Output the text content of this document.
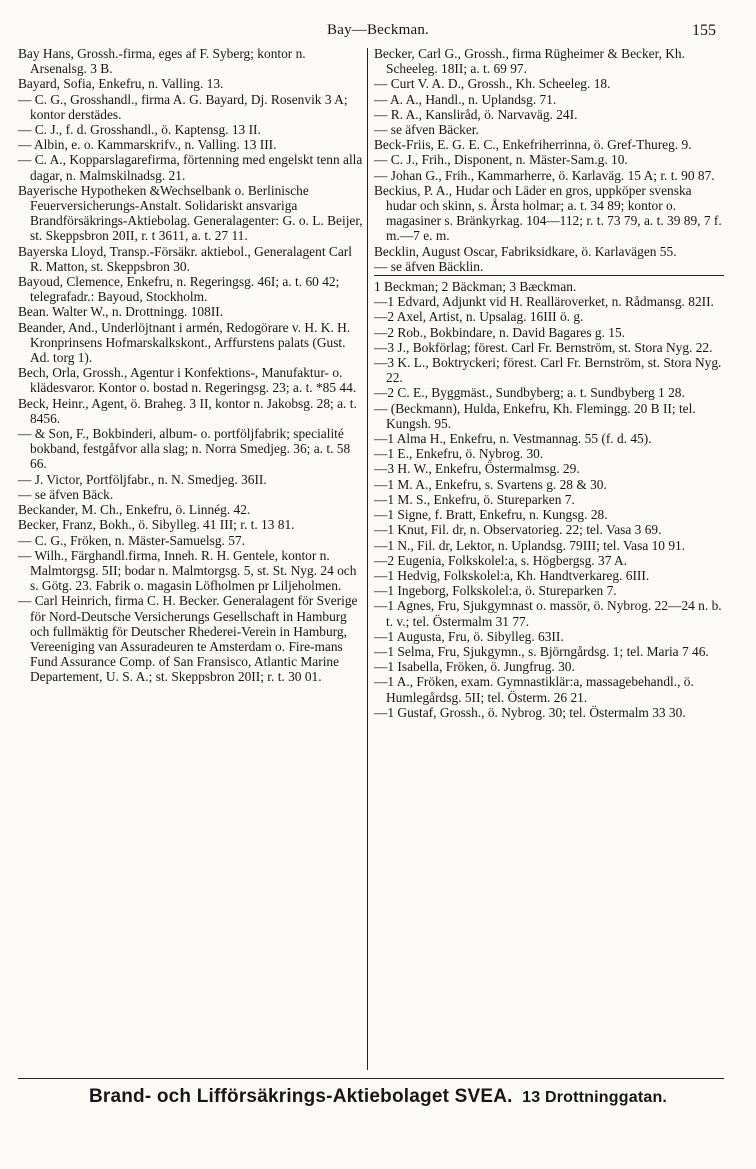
Bay—Beckman.	155
Bay Hans, Grossh.-firma, eges af F. Syberg; kontor n. Arsenalsg. 3 B.
Bayard, Sofia, Enkefru, n. Valling. 13.
— C. G., Grosshandl., firma A. G. Bayard, Dj. Rosenvik 3 A; kontor derstädes.
— C. J., f. d. Grosshandl., ö. Kaptensg. 13 II.
— Albin, e. o. Kammarskrifv., n. Valling. 13 III.
— C. A., Kopparslagarefirma, förtenning med engelskt tenn alla dagar, n. Malmskilnadsg. 21.
Bayerische Hypotheken &Wechselbank o. Berlinische Feuerversicherungs-Anstalt. Solidariskt ansvariga Brandförsäkrings-Aktiebolag. Generalagenter: G. o. L. Beijer, st. Skeppsbron 20II, r. t 3611, a. t. 27 11.
Bayerska Lloyd, Transp.-Försäkr. aktiebol., Generalagent Carl R. Matton, st. Skeppsbron 30.
Bayoud, Clemence, Enkefru, n. Regeringsg. 46I; a. t. 60 42; telegrafadr.: Bayoud, Stockholm.
Bean. Walter W., n. Drottningg. 108II.
Beander, And., Underlöjtnant i armén, Redogörare v. H. K. H. Kronprinsens Hofmarskalkskont., Arffurstens palats (Gust. Ad. torg 1).
Bech, Orla, Grossh., Agentur i Konfektions-, Manufaktur- o. klädesvaror. Kontor o. bostad n. Regeringsg. 23; a. t. *85 44.
Beck, Heinr., Agent, ö. Braheg. 3 II, kontor n. Jakobsg. 28; a. t. 8456.
— & Son, F., Bokbinderi, album- o. portföljfabrik; specialité bokband, festgåfvor alla slag; n. Norra Smedjeg. 36; a. t. 58 66.
— J. Victor, Portföljfabr., n. N. Smedjeg. 36II.
— se äfven Bäck.
Beckander, M. Ch., Enkefru, ö. Linnég. 42.
Becker, Franz, Bokh., ö. Sibylleg. 41 III; r. t. 13 81.
— C. G., Fröken, n. Mäster-Samuelsg. 57.
— Wilh., Färghandl.firma, Inneh. R. H. Gentele, kontor n. Malmtorgsg. 5II; bodar n. Malmtorgsg. 5, st. St. Nyg. 24 och s. Götg. 23. Fabrik o. magasin Löfholmen pr Liljeholmen.
— Carl Heinrich, firma C. H. Becker. Generalagent för Sverige för Nord-Deutsche Versicherungs Gesellschaft in Hamburg och fullmäktig för Deutscher Rhederei-Verein in Hamburg, Vereeniging van Assuradeuren te Amsterdam o. Fire-mans Fund Assurance Comp. of San Fransisco, Atlantic Marine Departement, U. S. A.; st. Skeppsbron 20II; r. t. 30 01.
Becker, Carl G., Grossh., firma Rügheimer & Becker, Kh. Scheeleg. 18II; a. t. 69 97.
— Curt V. A. D., Grossh., Kh. Scheeleg. 18.
— A. A., Handl., n. Uplandsg. 71.
— R. A., Kansliråd, ö. Narvaväg. 24I.
— se äfven Bäcker.
Beck-Friis, E. G. E. C., Enkefriherrinna, ö. Gref-Thureg. 9.
— C. J., Frih., Disponent, n. Mäster-Sam.g. 10.
— Johan G., Frih., Kammarherre, ö. Karlaväg. 15 A; r. t. 90 87.
Beckius, P. A., Hudar och Läder en gros, uppköper svenska hudar och skinn, s. Årsta holmar; a. t. 34 89; kontor o. magasiner s. Bränkyrkag. 104—112; r. t. 73 79, a. t. 39 89, 7 f. m.—7 e. m.
Becklin, August Oscar, Fabriksidkare, ö. Karlavägen 55.
— se äfven Bäcklin.
1 Beckman; 2 Bäckman; 3 Bæckman.
—1 Edvard, Adjunkt vid H. Realläroverket, n. Rådmansg. 82II.
—2 Axel, Artist, n. Upsalag. 16III ö. g.
—2 Rob., Bokbindare, n. David Bagares g. 15.
—3 J., Bokförlag; förest. Carl Fr. Bernström, st. Stora Nyg. 22.
—3 K. L., Boktryckeri; förest. Carl Fr. Bernström, st. Stora Nyg. 22.
—2 C. E., Byggmäst., Sundbyberg; a. t. Sundbyberg 1 28.
— (Beckmann), Hulda, Enkefru, Kh. Flemingg. 20 B II; tel. Kungsh. 95.
—1 Alma H., Enkefru, n. Vestmannag. 55 (f. d. 45).
—1 E., Enkefru, ö. Nybrog. 30.
—3 H. W., Enkefru, Östermalmsg. 29.
—1 M. A., Enkefru, s. Svartens g. 28 & 30.
—1 M. S., Enkefru, ö. Stureparken 7.
—1 Signe, f. Bratt, Enkefru, n. Kungsg. 28.
—1 Knut, Fil. dr, n. Observatorieg. 22; tel. Vasa 3 69.
—1 N., Fil. dr, Lektor, n. Uplandsg. 79III; tel. Vasa 10 91.
—2 Eugenia, Folkskolel:a, s. Högbergsg. 37 A.
—1 Hedvig, Folkskolel:a, Kh. Handtverkareg. 6III.
—1 Ingeborg, Folkskolel:a, ö. Stureparken 7.
—1 Agnes, Fru, Sjukgymnast o. massör, ö. Nybrog. 22—24 n. b. t. v.; tel. Östermalm 31 77.
—1 Augusta, Fru, ö. Sibylleg. 63II.
—1 Selma, Fru, Sjukgymn., s. Björngårdsg. 1; tel. Maria 7 46.
—1 Isabella, Fröken, ö. Jungfrug. 30.
—1 A., Fröken, exam. Gymnastiklär:a, massagebehandl., ö. Humlegårdsg. 5II; tel. Österm. 26 21.
—1 Gustaf, Grossh., ö. Nybrog. 30; tel. Östermalm 33 30.
Brand- och Lifförsäkrings-Aktiebolaget SVEA. 13 Drottninggatan.
